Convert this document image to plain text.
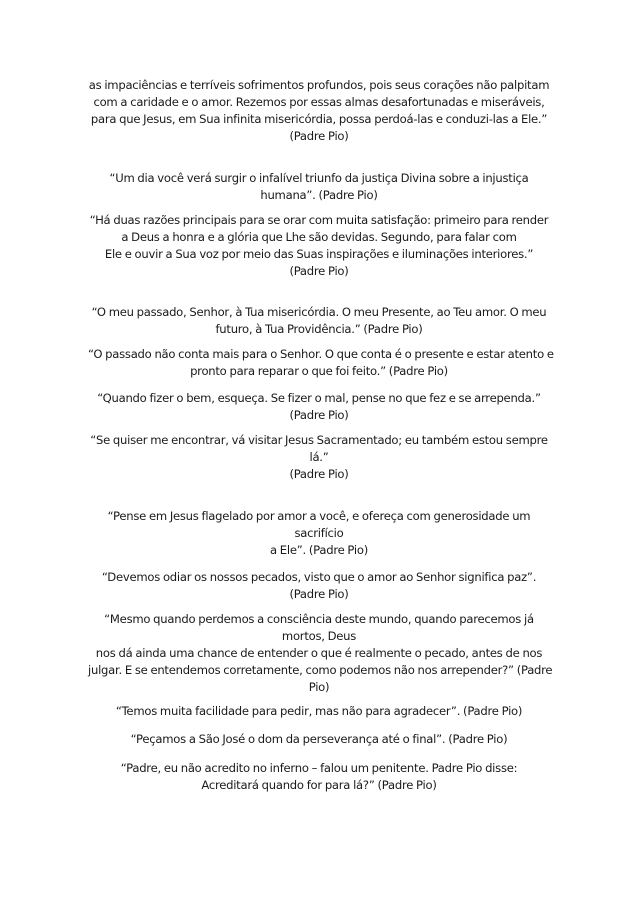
as impaciências e terríveis sofrimentos profundos, pois seus corações não palpitam
com a caridade e o amor. Rezemos por essas almas desafortunadas e miseráveis,
para que Jesus, em Sua infinita misericórdia, possa perdoá-las e conduzi-las a Ele.”
(Padre Pio)
“Um dia você verá surgir o infalível triunfo da justiça Divina sobre a injustiça
humana”. (Padre Pio)
“Há duas razões principais para se orar com muita satisfação: primeiro para render
a Deus a honra e a glória que Lhe são devidas. Segundo, para falar com
Ele e ouvir a Sua voz por meio das Suas inspirações e iluminações interiores.”
(Padre Pio)
“O meu passado, Senhor, à Tua misericórdia. O meu Presente, ao Teu amor. O meu
futuro, à Tua Providência.” (Padre Pio)
“O passado não conta mais para o Senhor. O que conta é o presente e estar atento e
pronto para reparar o que foi feito.” (Padre Pio)
“Quando fizer o bem, esqueça. Se fizer o mal, pense no que fez e se arrependa.”
(Padre Pio)
“Se quiser me encontrar, vá visitar Jesus Sacramentado; eu também estou sempre
lá.”
(Padre Pio)
“Pense em Jesus flagelado por amor a você, e ofereça com generosidade um
sacrifício
a Ele”. (Padre Pio)
“Devemos odiar os nossos pecados, visto que o amor ao Senhor significa paz”.
(Padre Pio)
“Mesmo quando perdemos a consciência deste mundo, quando parecemos já
mortos, Deus
nos dá ainda uma chance de entender o que é realmente o pecado, antes de nos
julgar. E se entendemos corretamente, como podemos não nos arrepender?” (Padre
Pio)
“Temos muita facilidade para pedir, mas não para agradecer”. (Padre Pio)
“Peçamos a São José o dom da perseverança até o final”. (Padre Pio)
“Padre, eu não acredito no inferno – falou um penitente. Padre Pio disse:
Acreditará quando for para lá?” (Padre Pio)
